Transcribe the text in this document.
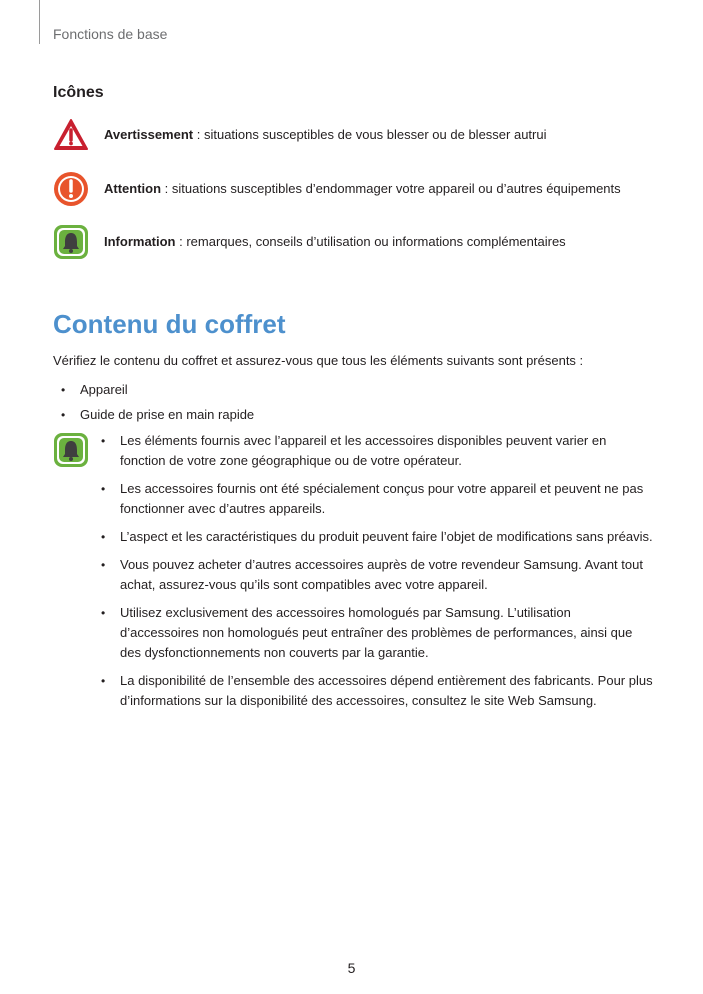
Fonctions de base
Icônes
Avertissement : situations susceptibles de vous blesser ou de blesser autrui
Attention : situations susceptibles d’endommager votre appareil ou d’autres équipements
Information : remarques, conseils d’utilisation ou informations complémentaires
Contenu du coffret
Vérifiez le contenu du coffret et assurez-vous que tous les éléments suivants sont présents :
• Appareil
• Guide de prise en main rapide
• Les éléments fournis avec l’appareil et les accessoires disponibles peuvent varier en fonction de votre zone géographique ou de votre opérateur.
• Les accessoires fournis ont été spécialement conçus pour votre appareil et peuvent ne pas fonctionner avec d’autres appareils.
• L’aspect et les caractéristiques du produit peuvent faire l’objet de modifications sans préavis.
• Vous pouvez acheter d’autres accessoires auprès de votre revendeur Samsung. Avant tout achat, assurez-vous qu’ils sont compatibles avec votre appareil.
• Utilisez exclusivement des accessoires homologués par Samsung. L’utilisation d’accessoires non homologués peut entraîner des problèmes de performances, ainsi que des dysfonctionnements non couverts par la garantie.
• La disponibilité de l’ensemble des accessoires dépend entièrement des fabricants. Pour plus d’informations sur la disponibilité des accessoires, consultez le site Web Samsung.
5
